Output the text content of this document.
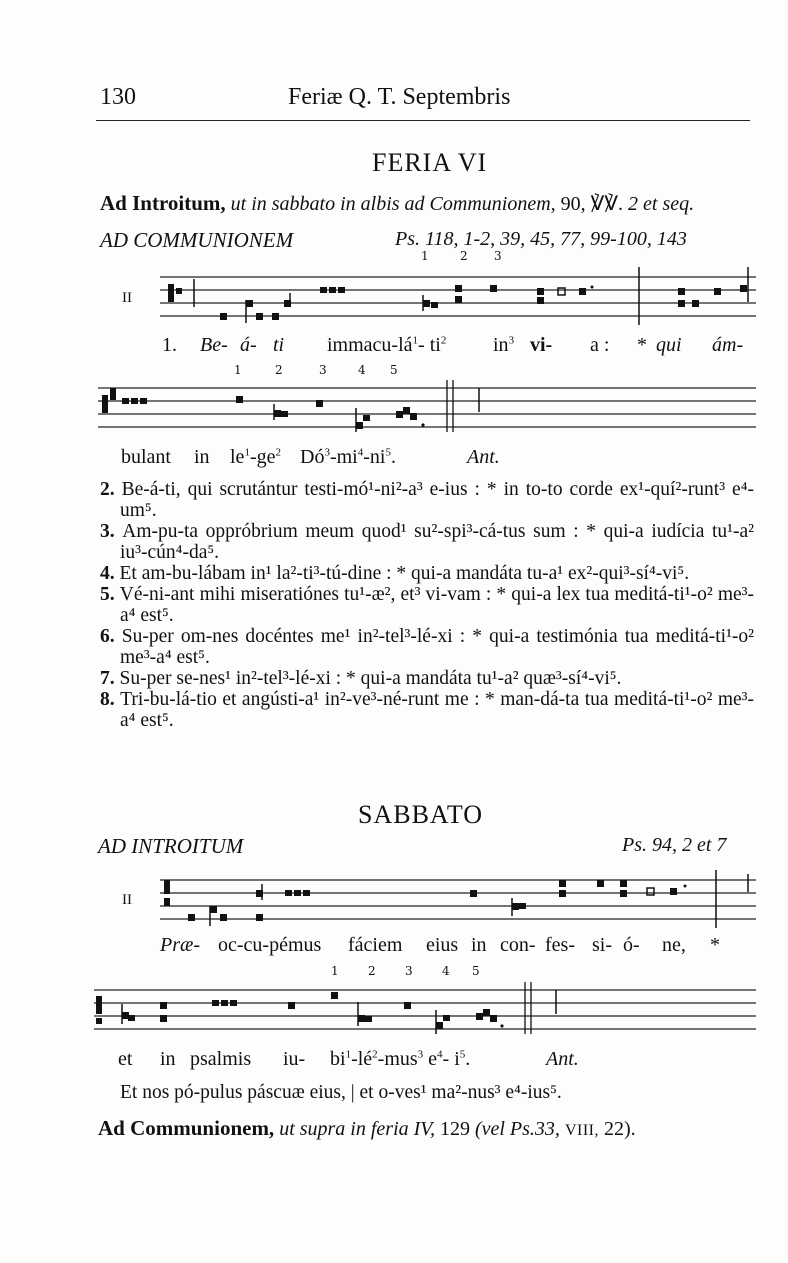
130	Feriæ Q. T. Septembris
FERIA VI
Ad Introitum, ut in sabbato in albis ad Communionem, 90, ℣℣. 2 et seq.
AD COMMUNIONEM	Ps. 118, 1-2, 39, 45, 77, 99-100, 143
1	2 3
II
1. Be- á- ti immacu-$lá^1-$ $ti^2$ $in^3$ vi- a : * qui ám-
1	2	3	4 5
bulant in $le^1-ge^2$ $Dó^3-mi^4-ni^5$.	Ant.
2. Be-á-ti, qui scrutántur testi-mó¹-ni²-a³ e-ius : * in to-to corde ex¹-quí²-runt³ e⁴-um⁵.
3. Am-pu-ta oppróbrium meum quod¹ su²-spi³-cá-tus sum : * qui-a iudícia tu¹-a² iu³-cún⁴-da⁵.
4. Et am-bu-lábam in¹ la²-ti³-tú-dine : * qui-a mandáta tu-a¹ ex²-qui³-sí⁴-vi⁵.
5. Vé-ni-ant mihi miseratiónes tu¹-æ², et³ vi-vam : * qui-a lex tua meditá-ti¹-o² me³-a⁴ est⁵.
6. Su-per om-nes docéntes me¹ in²-tel³-lé-xi : * qui-a testimónia tua meditá-ti¹-o² me³-a⁴ est⁵.
7. Su-per se-nes¹ in²-tel³-lé-xi : * qui-a mandáta tu¹-a² quæ³-sí⁴-vi⁵.
8. Tri-bu-lá-tio et angústi-a¹ in²-ve³-né-runt me : * man-dá-ta tua meditá-ti¹-o² me³-a⁴ est⁵.
SABBATO
AD INTROITUM	Ps. 94, 2 et 7
II
Præ- oc-cu-pémus fáciem eius in con- fes- si- ó- ne, *
1 2 3 4 5
et in psalmis iu- $bi^1-lé^2-mus^3$ $e^4-$ $i^5$.	Ant.
Et nos pó-pulus páscuæ eius, | et o-ves¹ ma²-nus³ e⁴-ius⁵.
Ad Communionem, ut supra in feria IV, 129 (vel Ps.33, VIII, 22).
